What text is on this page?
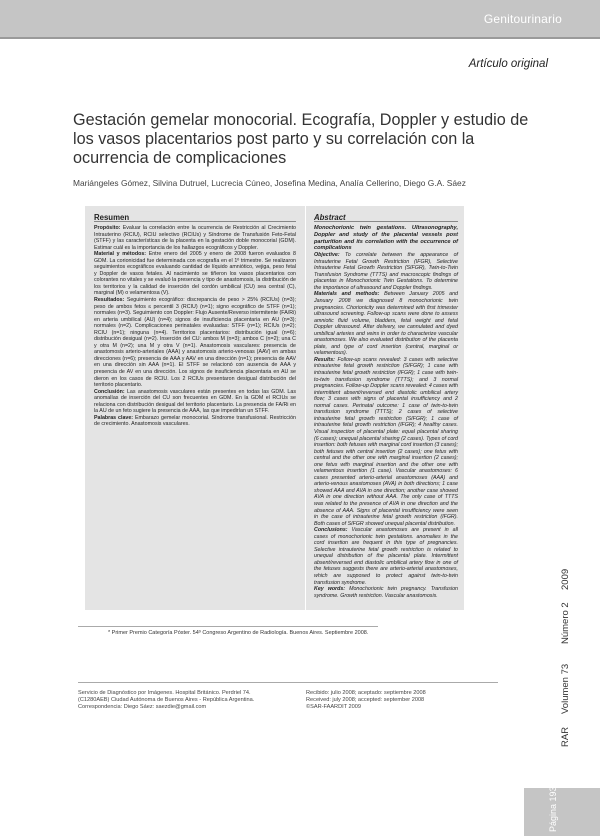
Genitourinario
Artículo original
Gestación gemelar monocorial. Ecografía, Doppler y estudio de los vasos placentarios post parto y su correlación con la ocurrencia de complicaciones
Mariángeles Gómez, Silvina Dutruel, Lucrecia Cúneo, Josefina Medina, Analía Cellerino, Diego G.A. Sáez
Resumen
Propósito: Evaluar la correlación entre la ocurrencia de Restricción al Crecimiento Intrauterino (RCIU), RCIU selectivo (RCIUs) y Síndrome de Transfusión Feto-Fetal (STFF) y las características de la placenta en la gestación doble monocorial (GDM). Estimar cuál es la importancia de los hallazgos ecográficos y Doppler.
Material y métodos: Entre enero del 2005 y enero de 2008 fueron evaluados 8 GDM. La corionicidad fue determinada con ecografía en el 1º trimestre. Se realizaron seguimientos ecográficos evaluando cantidad de líquido amniótico, vejiga, peso fetal y Doppler de vasos fetales. Al nacimiento se tiñeron los vasos placentarios con colorantes no vitales y se evaluó la presencia y tipo de anastomosis, la distribución de los territorios y la calidad de inserción del cordón umbilical (CU) sea central (C), marginal (M) o velamentosa (V).
Resultados: Seguimiento ecográfico: discrepancia de peso > 25% (RCIUs) (n=3); peso de ambos fetos ≤ percentil 3 (RCIU) (n=1); signo ecográfico de STFF (n=1); normales (n=3). Seguimiento con Doppler: Flujo Ausente/Reverso intermitente (FA/Ri) en arteria umbilical (AU) (n=4); signos de insuficiencia placentaria en AU (n=3); normales (n=2). Complicaciones perinatales evaluadas: STFF (n=1); RCIUs (n=2); RCIU (n=1); ninguna (n=4). Territorios placentarios: distribución igual (n=6); distribución desigual (n=2). Inserción del CU: ambos M (n=3); ambos C (n=2); una C y otra M (n=2); una M y otra V (n=1). Anastomosis vasculares: presencia de anastomosis arterio-arteriales (AAA) y anastomosis arterio-venosas (AAV) en ambas direcciones (n=6); presencia de AAA y AAV en una dirección (n=1); presencia de AAV en una dirección sin AAA (n=1). El STFF se relacionó con ausencia de AAA y presencia de AV en una dirección. Los signos de insuficiencia placentaria en AU se dieron en los casos de RCIU. Los 2 RCIUs presentaron desigual distribución del territorio placentario.
Conclusión: Las anastomosis vasculares están presentes en todas las GDM. Las anomalías de inserción del CU son frecuentes en GDM. En la GDM el RCIUs se relaciona con distribución desigual del territorio placentario. La presencia de FA/Ri en la AU de un feto sugiere la presencia de AAA, las que impedirían un STFF.
Palabras clave: Embarazo gemelar monocorial. Síndrome transfusional. Restricción de crecimiento. Anastomosis vasculares.
Abstract
Monochorionic twin gestations. Ultrasonography, Doppler and study of the placental vessels post parturition and its correlation with the occurrence of complications
Objective: To correlate between the appearance of Intrauterine Fetal Growth Restriction (IFGR), Selective Intrauterine Fetal Growth Restriction (SIFGR), Twin-to-Twin Transfusion Syndrome (TTTS) and macroscopic findings of placentas in Monochorionic Twin Gestations. To determine the importance of ultrasound and Doppler findings.
Materials and methods: Between January 2005 and January 2008 we diagnosed 8 monochorionic twin pregnancies. Chorionicity was determined with first trimester ultrasound screening. Follow-up scans were done to assess amniotic fluid volume, bladders, fetal weight and fetal Doppler ultrasound. After delivery, we cannulated and dyed umbilical arteries and veins in order to characterize vascular anastomoses. We also evaluated distribution of the placenta plate, and type of cord insertion (central, marginal or velamentous).
Results: Follow-up scans revealed: 3 cases with selective intrauterine fetal growth restriction (SIFGR); 1 case with intrauterine fetal growth restriction (IFGR); 1 case with twin-to-twin transfusion syndrome (TTTS); and 3 normal pregnancies. Follow-up Doppler scans revealed: 4 cases with intermittent absent/reversed end diastolic umbilical artery flow; 3 cases with signs of placental insufficiency and 2 normal cases. Perinatal outcome: 1 case of twin-to-twin transfusion syndrome (TTTS); 2 cases of selective intrauterine fetal growth restriction (SIFGR); 1 case of intrauterine fetal growth restriction (IFGR); 4 healthy cases. Visual inspection of placental plate: equal placental sharing (6 cases); unequal placental sharing (2 cases). Types of cord insertion: both fetuses with marginal cord insertion (3 cases); both fetuses with central insertion (2 cases); one fetus with central and the other one with marginal insertion (2 cases); one fetus with marginal insertion and the other one with velamentous insertion (1 case). Vascular anastomoses: 6 cases presented arterio-arterial anastomoses (AAA) and arterio-venous anastomoses (AVA) in both directions; 1 case showed AAA and AVA in one direction; another case showed AVA in one direction without AAA. The only case of TTTS was related to the presence of AVA in one direction and the absence of AAA. Signs of placental insufficiency were seen in the case of intrauterine fetal growth restriction (IFGR). Both cases of SIFGR showed unequal placental distribution.
Conclusions: Vascular anastomoses are present in all cases of monochorionic twin gestations. anomalies in the cord insertion are frequent in this type of pregnancies. Selective intrauterine fetal growth restriction is related to unequal distribution of the placental plate. Intermittent absent/reversed end diastolic umbilical artery flow in one of the fetuses suggests there are arterio-arterial anastomoses, which are supposed to protect against twin-to-twin transfusion syndrome.
Key words: Monochorionic twin pregnancy. Transfusion syndrome. Growth restriction. Vascular anastomosis.
* Primer Premio Categoría Póster. 54º Congreso Argentino de Radiología. Buenos Aires. Septiembre 2008.
Servicio de Diagnóstico por Imágenes. Hospital Británico. Perdriel 74. (C1280AEB) Ciudad Autónoma de Buenos Aires - República Argentina.
Correspondencia: Diego Sáez: saezdie@gmail.com
Recibido: julio 2008; aceptado: septiembre 2008
Received: july 2008; accepted: september 2008
©SAR-FAARDIT 2009
RAR
Volumen 73
Número 2
2009
Página 193
